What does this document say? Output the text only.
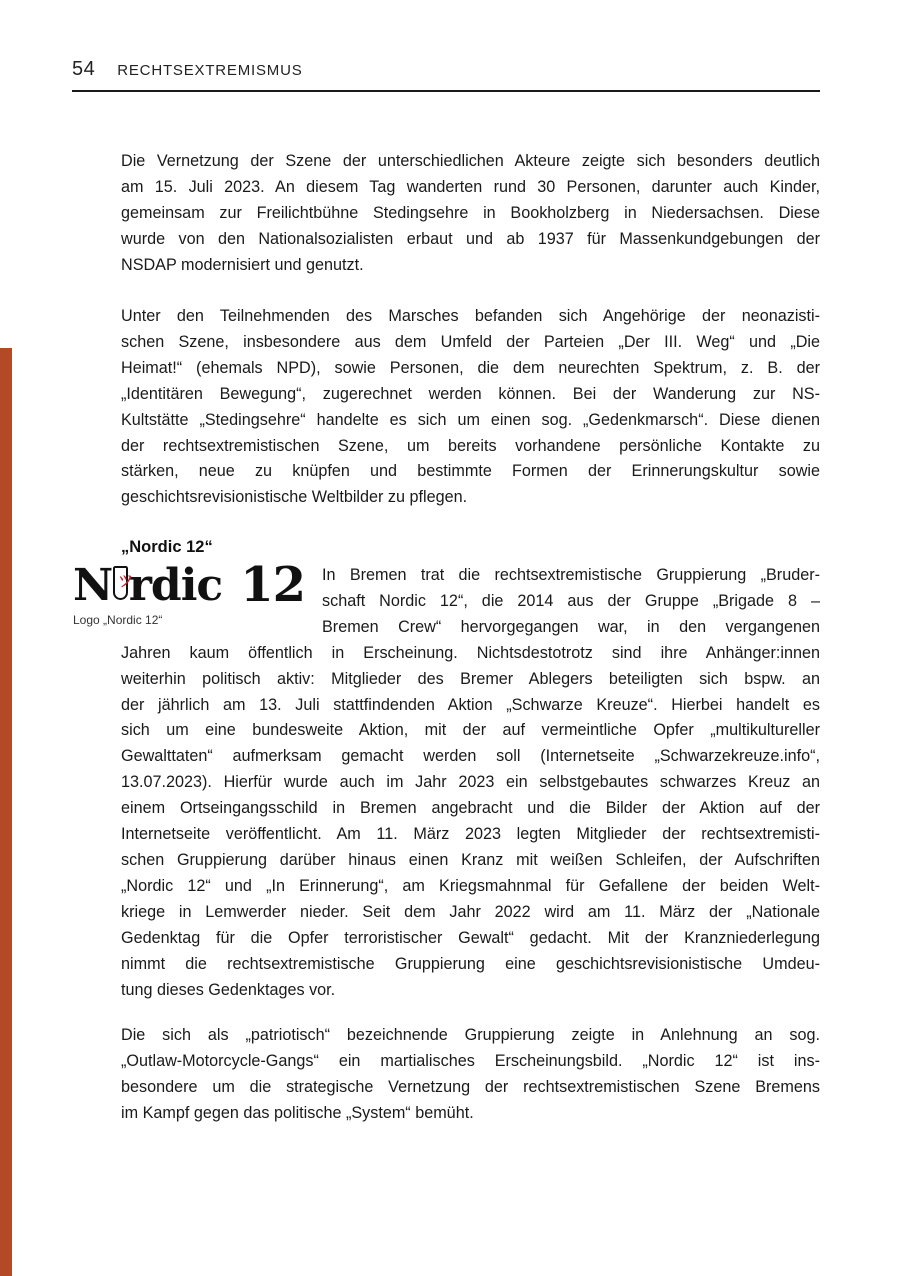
54 RECHTSEXTREMISMUS

Die Vernetzung der Szene der unterschiedlichen Akteure zeigte sich besonders deutlich
am 15. Juli 2023. An diesem Tag wanderten rund 30 Personen, darunter auch Kinder,
gemeinsam zur Freilichtbühne Stedingsehre in Bookholzberg in Niedersachsen. Diese
wurde von den Nationalsozialisten erbaut und ab 1937 für Massenkundgebungen der
NSDAP modernisiert und genutzt.

Unter den Teilnehmenden des Marsches befanden sich Angehörige der neonazisti-
schen Szene, insbesondere aus dem Umfeld der Parteien „Der III. Weg“ und „Die
Heimat!“ (ehemals NPD), sowie Personen, die dem neurechten Spektrum, z. B. der
„Identitären Bewegung“, zugerechnet werden können. Bei der Wanderung zur NS-
Kultstätte „Stedingsehre“ handelte es sich um einen sog. „Gedenkmarsch“. Diese dienen
der rechtsextremistischen Szene, um bereits vorhandene persönliche Kontakte zu
stärken, neue zu knüpfen und bestimmte Formen der Erinnerungskultur sowie
geschichtsrevisionistische Weltbilder zu pflegen.

„Nordic 12“
N ツ rdic 12
Logo „Nordic 12“

In Bremen trat die rechtsextremistische Gruppierung „Bruder-
schaft Nordic 12“, die 2014 aus der Gruppe „Brigade 8 –
Bremen Crew“ hervorgegangen war, in den vergangenen
Jahren kaum öffentlich in Erscheinung. Nichtsdestotrotz sind ihre Anhänger:innen
weiterhin politisch aktiv: Mitglieder des Bremer Ablegers beteiligten sich bspw. an
der jährlich am 13. Juli stattfindenden Aktion „Schwarze Kreuze“. Hierbei handelt es
sich um eine bundesweite Aktion, mit der auf vermeintliche Opfer „multikultureller
Gewalttaten“ aufmerksam gemacht werden soll (Internetseite „Schwarzekreuze.info“,
13.07.2023). Hierfür wurde auch im Jahr 2023 ein selbstgebautes schwarzes Kreuz an
einem Ortseingangsschild in Bremen angebracht und die Bilder der Aktion auf der
Internetseite veröffentlicht. Am 11. März 2023 legten Mitglieder der rechtsextremisti-
schen Gruppierung darüber hinaus einen Kranz mit weißen Schleifen, der Aufschriften
„Nordic 12“ und „In Erinnerung“, am Kriegsmahnmal für Gefallene der beiden Welt-
kriege in Lemwerder nieder. Seit dem Jahr 2022 wird am 11. März der „Nationale
Gedenktag für die Opfer terroristischer Gewalt“ gedacht. Mit der Kranzniederlegung
nimmt die rechtsextremistische Gruppierung eine geschichtsrevisionistische Umdeu-
tung dieses Gedenktages vor.

Die sich als „patriotisch“ bezeichnende Gruppierung zeigte in Anlehnung an sog.
„Outlaw-Motorcycle-Gangs“ ein martialisches Erscheinungsbild. „Nordic 12“ ist ins-
besondere um die strategische Vernetzung der rechtsextremistischen Szene Bremens
im Kampf gegen das politische „System“ bemüht.
